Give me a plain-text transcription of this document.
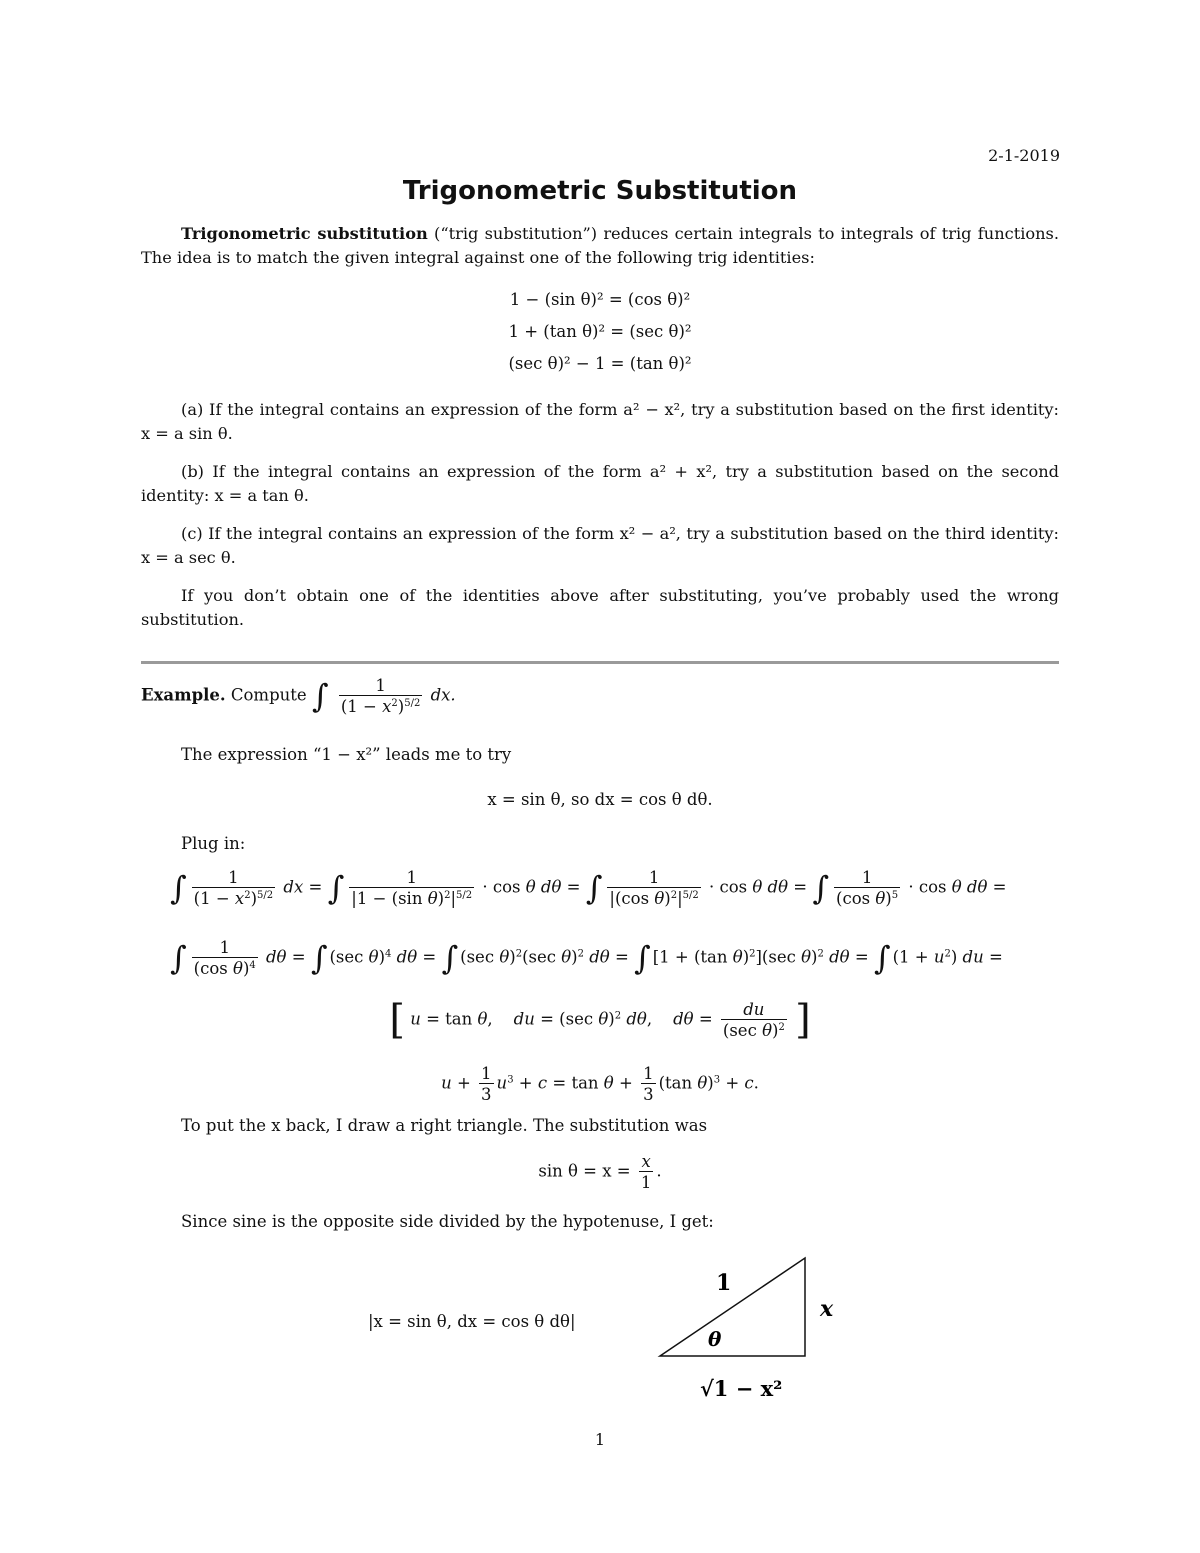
2-1-2019
Trigonometric Substitution
Trigonometric substitution (“trig substitution”) reduces certain integrals to integrals of trig functions. The idea is to match the given integral against one of the following trig identities:
1 − (sin θ)² = (cos θ)²
1 + (tan θ)² = (sec θ)²
(sec θ)² − 1 = (tan θ)²
(a) If the integral contains an expression of the form a² − x², try a substitution based on the first identity: x = a sin θ.
(b) If the integral contains an expression of the form a² + x², try a substitution based on the second identity: x = a tan θ.
(c) If the integral contains an expression of the form x² − a², try a substitution based on the third identity: x = a sec θ.
If you don’t obtain one of the identities above after substituting, you’ve probably used the wrong substitution.
Example. Compute ∫ $\frac{1}{(1 - x^2)^{5/2}}$ dx.
The expression “1 − x²” leads me to try
x = sin θ, so dx = cos θ dθ.
Plug in:
∫ $\frac{1}{(1 - x^2)^{5/2}}$ dx = ∫ $\frac{1}{|1 - (\sin \theta)^2|^{5/2}} \cdot \cos \theta$ dθ = ∫ $\frac{1}{|(\cos \theta)^2|^{5/2}} \cdot \cos \theta$ dθ = ∫ $\frac{1}{(\cos \theta)^5} \cdot \cos \theta$ dθ =
∫ $\frac{1}{(\cos \theta)^4}$ dθ = ∫ (sec θ)$^4$ dθ = ∫ (sec θ)$^2$(sec θ)$^2$ dθ = ∫ [1 + (tan θ)$^2$](sec θ)$^2$ dθ = ∫ $(1 + u^2)$ du =
[ u = tan θ,    du = (sec θ)$^2$ dθ,    $d\theta = \frac{du}{(\sec \theta)^2}$ ]
$u + \frac{1}{3} u^3 + c = \tan \theta + \frac{1}{3} (\tan$ θ)$^3$ + c.
To put the x back, I draw a right triangle. The substitution was
$\sin \theta = x = \frac{x}{1}$ .
Since sine is the opposite side divided by the hypotenuse, I get:
|x = sin θ, dx = cos θ dθ|
1
x
θ
√1 − x²
1
